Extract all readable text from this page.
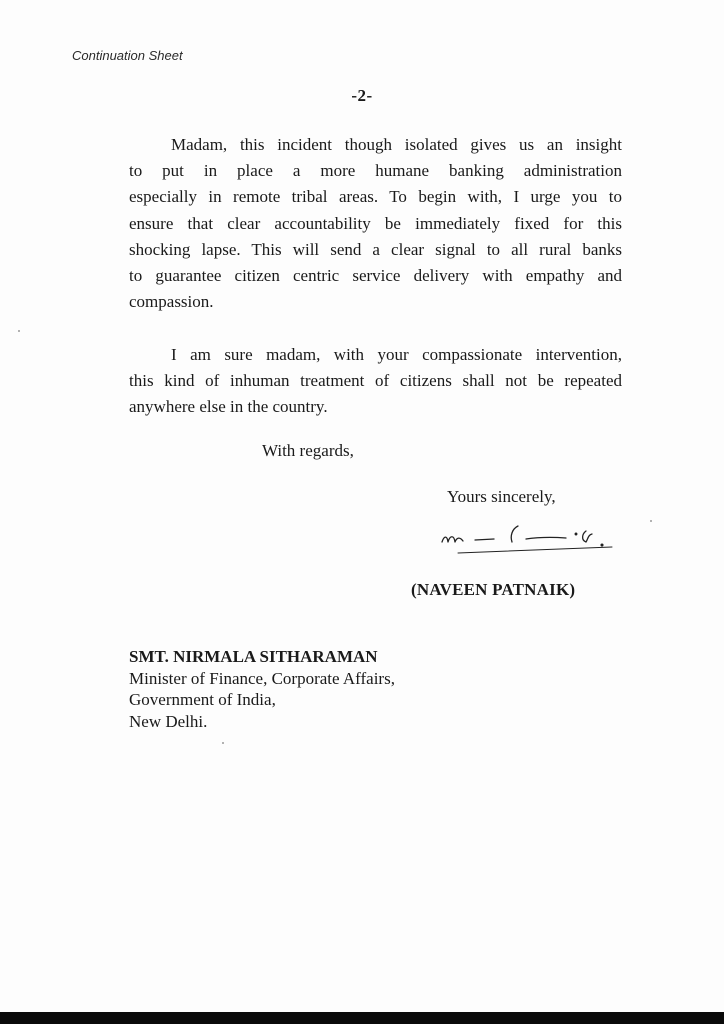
Continuation Sheet
-2-
Madam, this incident though isolated gives us an insight
to put in place a more humane banking administration
especially in remote tribal areas. To begin with, I urge you to
ensure that clear accountability be immediately fixed for this
shocking lapse. This will send a clear signal to all rural banks
to guarantee citizen centric service delivery with empathy and
compassion.
I am sure madam, with your compassionate intervention,
this kind of inhuman treatment of citizens shall not be repeated
anywhere else in the country.
With regards,
Yours sincerely,
(NAVEEN PATNAIK)
SMT. NIRMALA SITHARAMAN
Minister of Finance, Corporate Affairs,
Government of India,
New Delhi.
